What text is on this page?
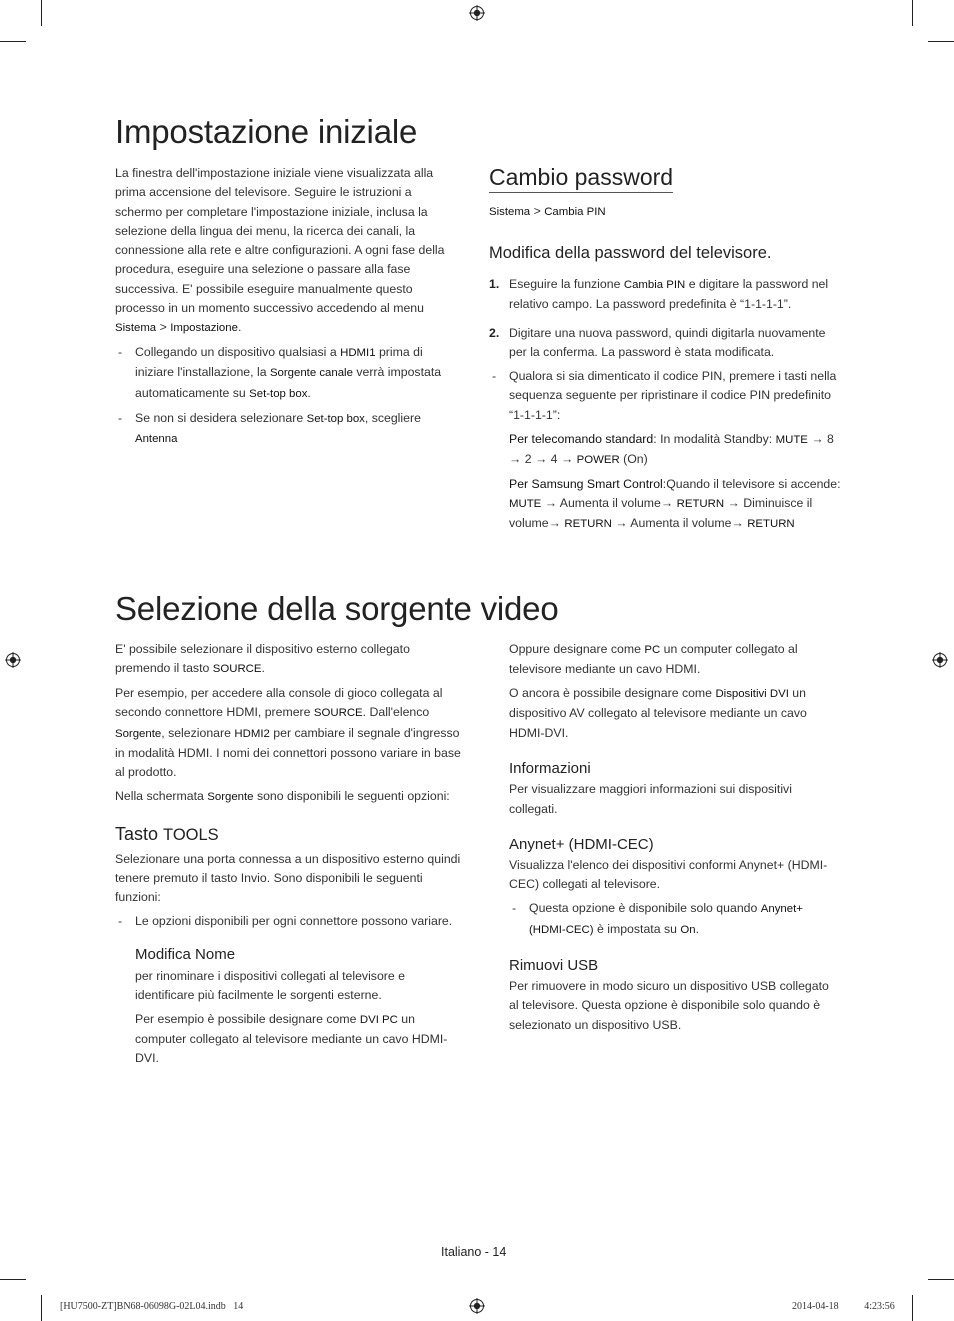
Impostazione iniziale

La finestra dell'impostazione iniziale viene visualizzata alla prima accensione del televisore. Seguire le istruzioni a schermo per completare l'impostazione iniziale, inclusa la selezione della lingua dei menu, la ricerca dei canali, la connessione alla rete e altre configurazioni. A ogni fase della procedura, eseguire una selezione o passare alla fase successiva. E' possibile eseguire manualmente questo processo in un momento successivo accedendo al menu Sistema > Impostazione.

- Collegando un dispositivo qualsiasi a HDMI1 prima di iniziare l'installazione, la Sorgente canale verrà impostata automaticamente su Set-top box.
- Se non si desidera selezionare Set-top box, scegliere Antenna
Cambio password
Sistema > Cambia PIN
Modifica della password del televisore.
1. Eseguire la funzione Cambia PIN e digitare la password nel relativo campo. La password predefinita è “1-1-1-1”.
2. Digitare una nuova password, quindi digitarla nuovamente per la conferma. La password è stata modificata.
- Qualora si sia dimenticato il codice PIN, premere i tasti nella sequenza seguente per ripristinare il codice PIN predefinito “1-1-1-1”:
Per telecomando standard: In modalità Standby: MUTE → 8 → 2 → 4 → POWER (On)
Per Samsung Smart Control:Quando il televisore si accende: MUTE → Aumenta il volume→ RETURN → Diminuisce il volume→ RETURN → Aumenta il volume→ RETURN
Selezione della sorgente video

E' possibile selezionare il dispositivo esterno collegato premendo il tasto SOURCE.

Per esempio, per accedere alla console di gioco collegata al secondo connettore HDMI, premere SOURCE. Dall'elenco Sorgente, selezionare HDMI2 per cambiare il segnale d'ingresso in modalità HDMI. I nomi dei connettori possono variare in base al prodotto.

Nella schermata Sorgente sono disponibili le seguenti opzioni:

Tasto TOOLS

Selezionare una porta connessa a un dispositivo esterno quindi tenere premuto il tasto Invio. Sono disponibili le seguenti funzioni:

- Le opzioni disponibili per ogni connettore possono variare.
Modifica Nome

per rinominare i dispositivi collegati al televisore e identificare più facilmente le sorgenti esterne.

Per esempio è possibile designare come DVI PC un computer collegato al televisore mediante un cavo HDMI-DVI.

Oppure designare come PC un computer collegato al televisore mediante un cavo HDMI.

O ancora è possibile designare come Dispositivi DVI un dispositivo AV collegato al televisore mediante un cavo HDMI-DVI.

Informazioni

Per visualizzare maggiori informazioni sui dispositivi collegati.

Anynet+ (HDMI-CEC)

Visualizza l'elenco dei dispositivi conformi Anynet+ (HDMI-CEC) collegati al televisore.

- Questa opzione è disponibile solo quando Anynet+ (HDMI-CEC) è impostata su On.
Rimuovi USB

Per rimuovere in modo sicuro un dispositivo USB collegato al televisore. Questa opzione è disponibile solo quando è selezionato un dispositivo USB.

Italiano - 14
[HU7500-ZT]BN68-06098G-02L04.indb   14	2014-04-18   ￿￿ 4:23:56
